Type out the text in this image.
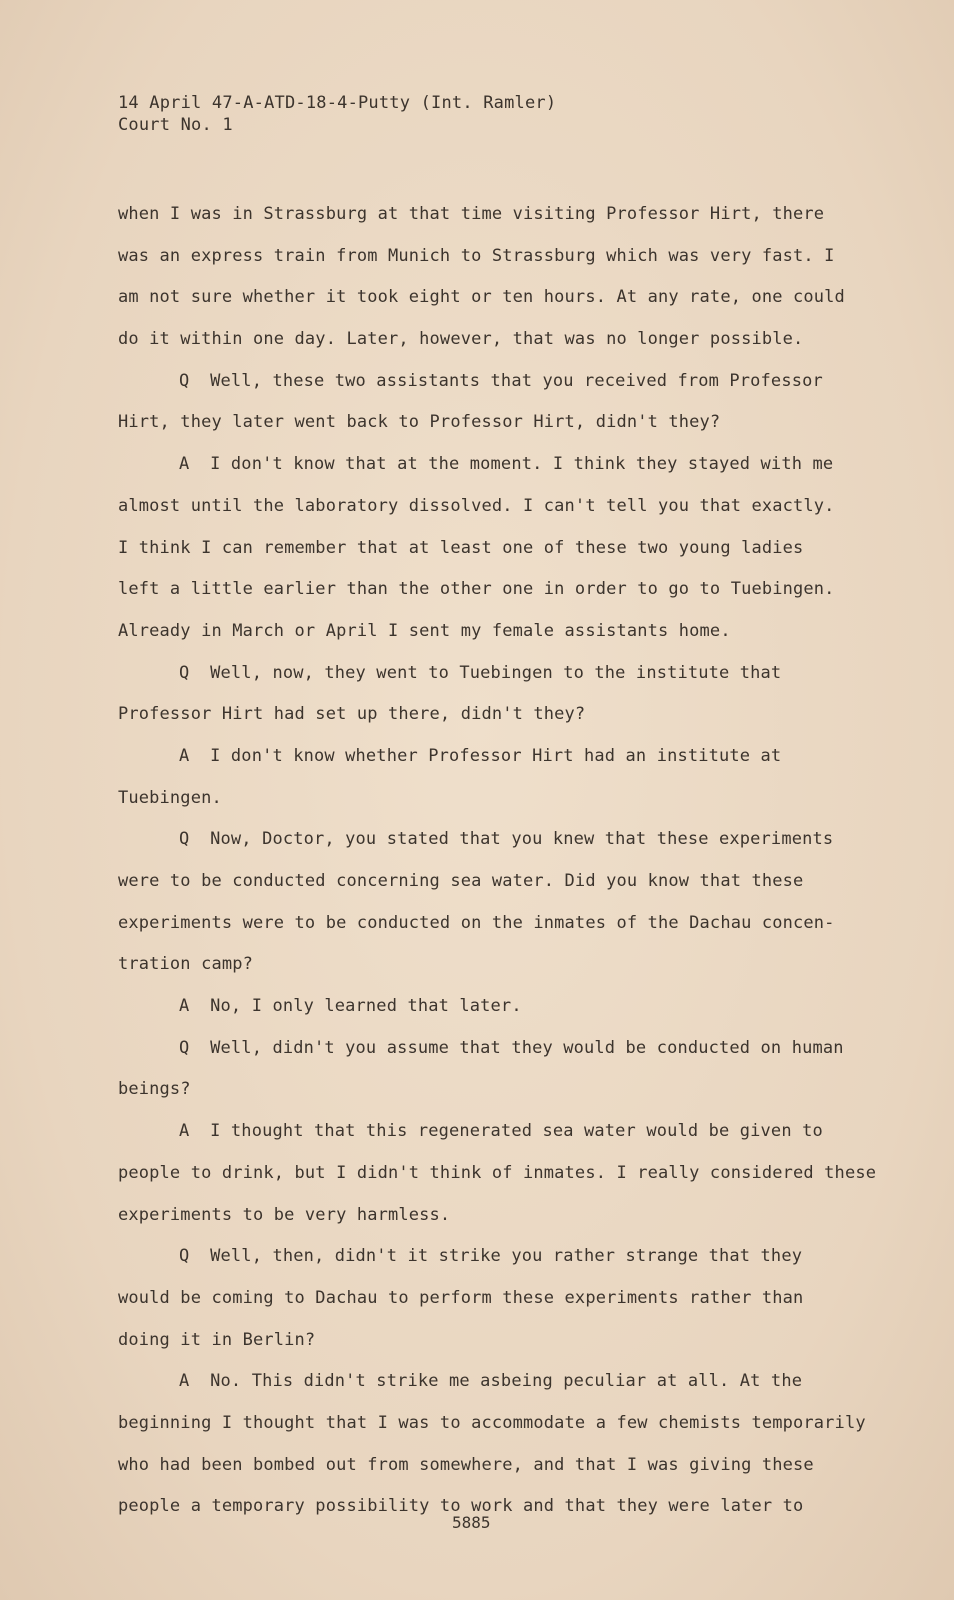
14 April 47-A-ATD-18-4-Putty (Int. Ramler)
Court No. 1
when I was in Strassburg at that time visiting Professor Hirt, there
was an express train from Munich to Strassburg which was very fast. I
am not sure whether it took eight or ten hours. At any rate, one could
do it within one day. Later, however, that was no longer possible.
Q  Well, these two assistants that you received from Professor
Hirt, they later went back to Professor Hirt, didn't they?
A  I don't know that at the moment. I think they stayed with me
almost until the laboratory dissolved. I can't tell you that exactly.
I think I can remember that at least one of these two young ladies
left a little earlier than the other one in order to go to Tuebingen.
Already in March or April I sent my female assistants home.
Q  Well, now, they went to Tuebingen to the institute that
Professor Hirt had set up there, didn't they?
A  I don't know whether Professor Hirt had an institute at
Tuebingen.
Q  Now, Doctor, you stated that you knew that these experiments
were to be conducted concerning sea water. Did you know that these
experiments were to be conducted on the inmates of the Dachau concen-
tration camp?
A  No, I only learned that later.
Q  Well, didn't you assume that they would be conducted on human
beings?
A  I thought that this regenerated sea water would be given to
people to drink, but I didn't think of inmates. I really considered these
experiments to be very harmless.
Q  Well, then, didn't it strike you rather strange that they
would be coming to Dachau to perform these experiments rather than
doing it in Berlin?
A  No. This didn't strike me asbeing peculiar at all. At the
beginning I thought that I was to accommodate a few chemists temporarily
who had been bombed out from somewhere, and that I was giving these
people a temporary possibility to work and that they were later to
5885
